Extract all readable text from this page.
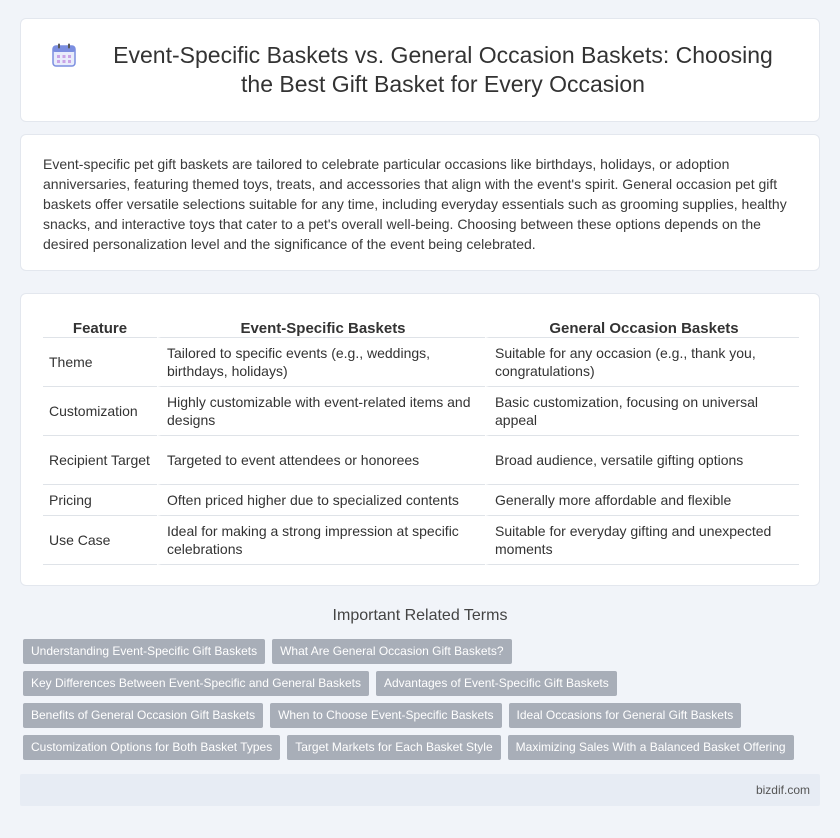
Event-Specific Baskets vs. General Occasion Baskets: Choosing the Best Gift Basket for Every Occasion

Event-specific pet gift baskets are tailored to celebrate particular occasions like birthdays, holidays, or adoption anniversaries, featuring themed toys, treats, and accessories that align with the event's spirit. General occasion pet gift baskets offer versatile selections suitable for any time, including everyday essentials such as grooming supplies, healthy snacks, and interactive toys that cater to a pet's overall well-being. Choosing between these options depends on the desired personalization level and the significance of the event being celebrated.

Feature	Event-Specific Baskets	General Occasion Baskets
Theme	Tailored to specific events (e.g., weddings, birthdays, holidays)	Suitable for any occasion (e.g., thank you, congratulations)
Customization	Highly customizable with event-related items and designs	Basic customization, focusing on universal appeal
Recipient Target	Targeted to event attendees or honorees	Broad audience, versatile gifting options
Pricing	Often priced higher due to specialized contents	Generally more affordable and flexible
Use Case	Ideal for making a strong impression at specific celebrations	Suitable for everyday gifting and unexpected moments
Important Related Terms
Understanding Event-Specific Gift Baskets	What Are General Occasion Gift Baskets?
Key Differences Between Event-Specific and General Baskets	Advantages of Event-Specific Gift Baskets
Benefits of General Occasion Gift Baskets	When to Choose Event-Specific Baskets	Ideal Occasions for General Gift Baskets
Customization Options for Both Basket Types	Target Markets for Each Basket Style	Maximizing Sales With a Balanced Basket Offering
bizdif.com
